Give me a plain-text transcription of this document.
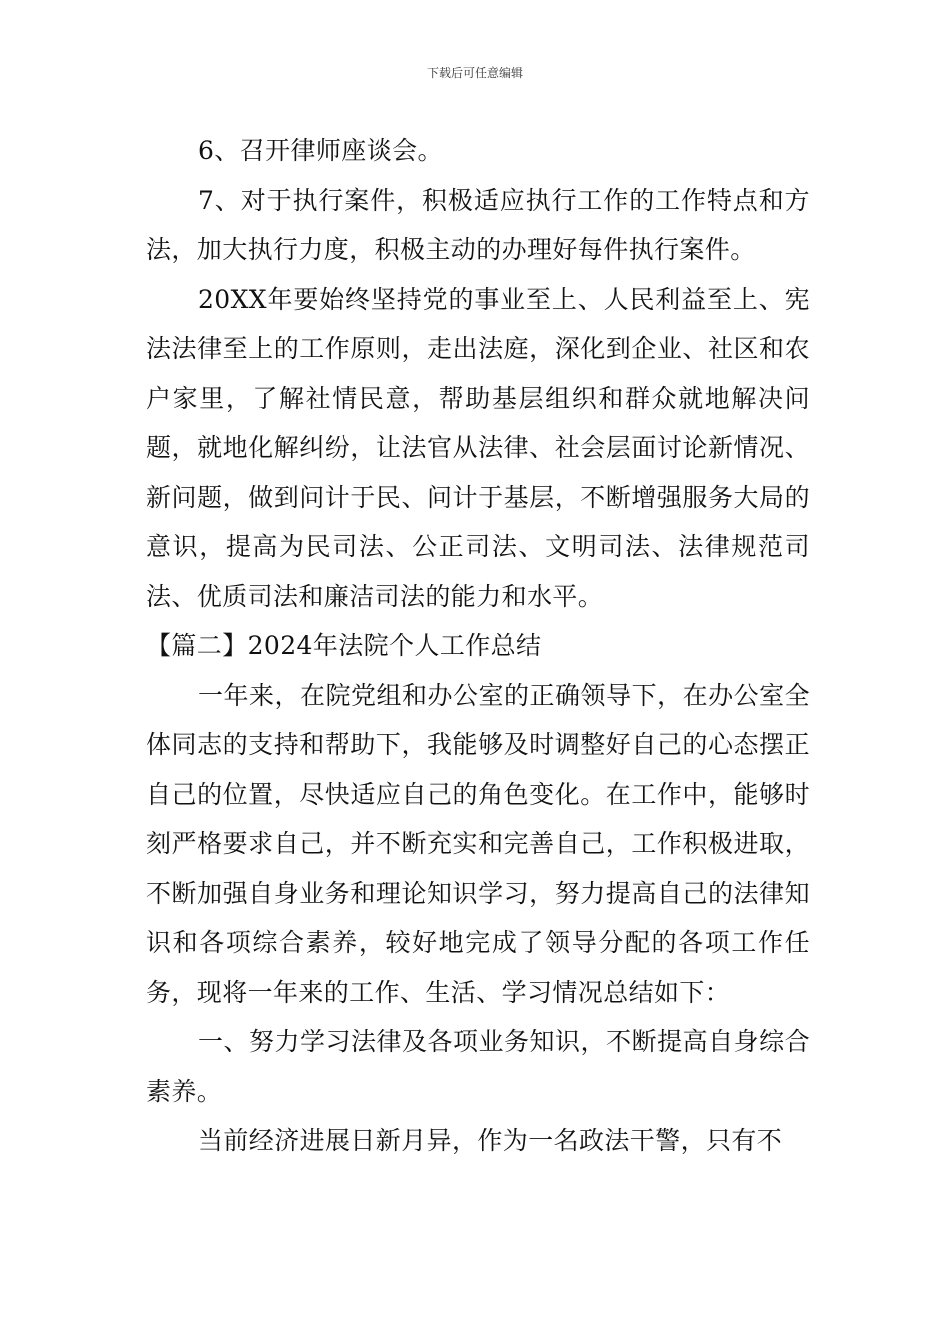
下载后可任意编辑

6、召开律师座谈会。

7、对于执行案件，积极适应执行工作的工作特点和方法，加大执行力度，积极主动的办理好每件执行案件。

20XX年要始终坚持党的事业至上、人民利益至上、宪法法律至上的工作原则，走出法庭，深化到企业、社区和农户家里，了解社情民意，帮助基层组织和群众就地解决问题，就地化解纠纷，让法官从法律、社会层面讨论新情况、新问题，做到问计于民、问计于基层，不断增强服务大局的意识，提高为民司法、公正司法、文明司法、法律规范司法、优质司法和廉洁司法的能力和水平。

【篇二】2024年法院个人工作总结

一年来，在院党组和办公室的正确领导下，在办公室全体同志的支持和帮助下，我能够及时调整好自己的心态摆正自己的位置，尽快适应自己的角色变化。在工作中，能够时刻严格要求自己，并不断充实和完善自己，工作积极进取，不断加强自身业务和理论知识学习，努力提高自己的法律知识和各项综合素养，较好地完成了领导分配的各项工作任务，现将一年来的工作、生活、学习情况总结如下：

一、努力学习法律及各项业务知识，不断提高自身综合素养。

当前经济进展日新月异，作为一名政法干警，只有不
